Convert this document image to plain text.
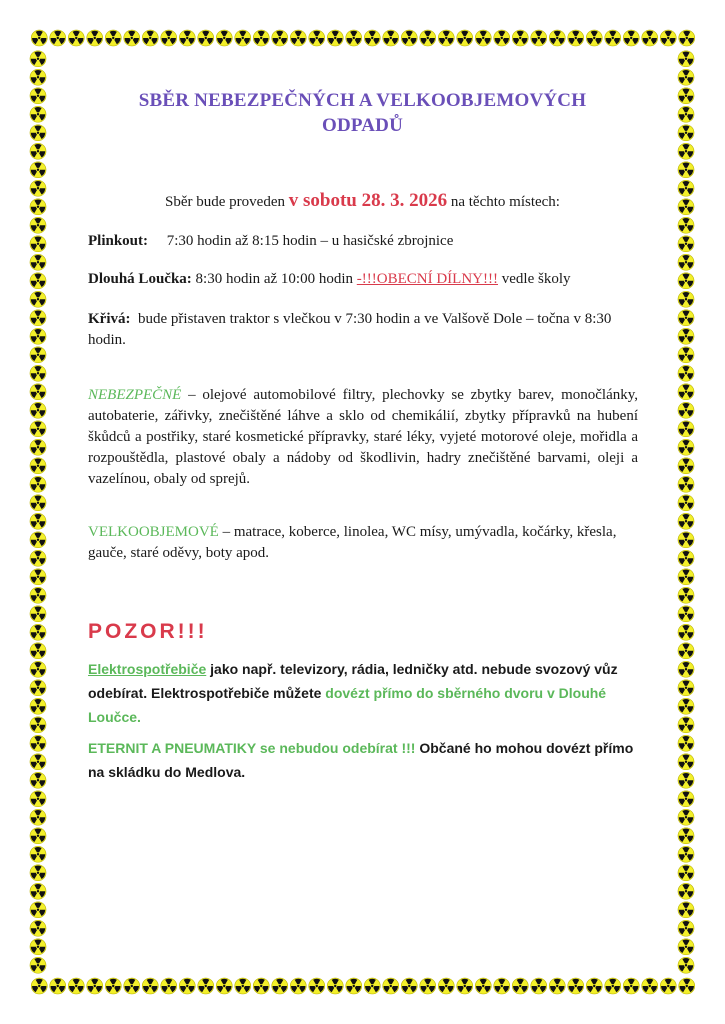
SBĚR NEBEZPEČNÝCH A VELKOOBJEMOVÝCH
ODPADŮ
Sběr bude proveden v sobotu 28. 3. 2026 na těchto místech:
Plinkout: 7:30 hodin až 8:15 hodin – u hasičské zbrojnice
Dlouhá Loučka: 8:30 hodin až 10:00 hodin -!!!OBECNÍ DÍLNY!!! vedle školy
Křivá: bude přistaven traktor s vlečkou v 7:30 hodin a ve Valšově Dole – točna v 8:30 hodin.
NEBEZPEČNÉ – olejové automobilové filtry, plechovky se zbytky barev, monočlánky, autobaterie, zářivky, znečištěné láhve a sklo od chemikálií, zbytky přípravků na hubení škůdců a postřiky, staré kosmetické přípravky, staré léky, vyjeté motorové oleje, mořidla a rozpouštědla, plastové obaly a nádoby od škodlivin, hadry znečištěné barvami, oleji a vazelínou, obaly od sprejů.
VELKOOBJEMOVÉ – matrace, koberce, linolea, WC mísy, umývadla, kočárky, křesla, gauče, staré oděvy, boty apod.
POZOR!!!
Elektrospotřebiče jako např. televizory, rádia, ledničky atd. nebude svozový vůz odebírat. Elektrospotřebiče můžete dovézt přímo do sběrného dvoru v Dlouhé Loučce.
ETERNIT A PNEUMATIKY se nebudou odebírat !!! Občané ho mohou dovézt přímo na skládku do Medlova.
